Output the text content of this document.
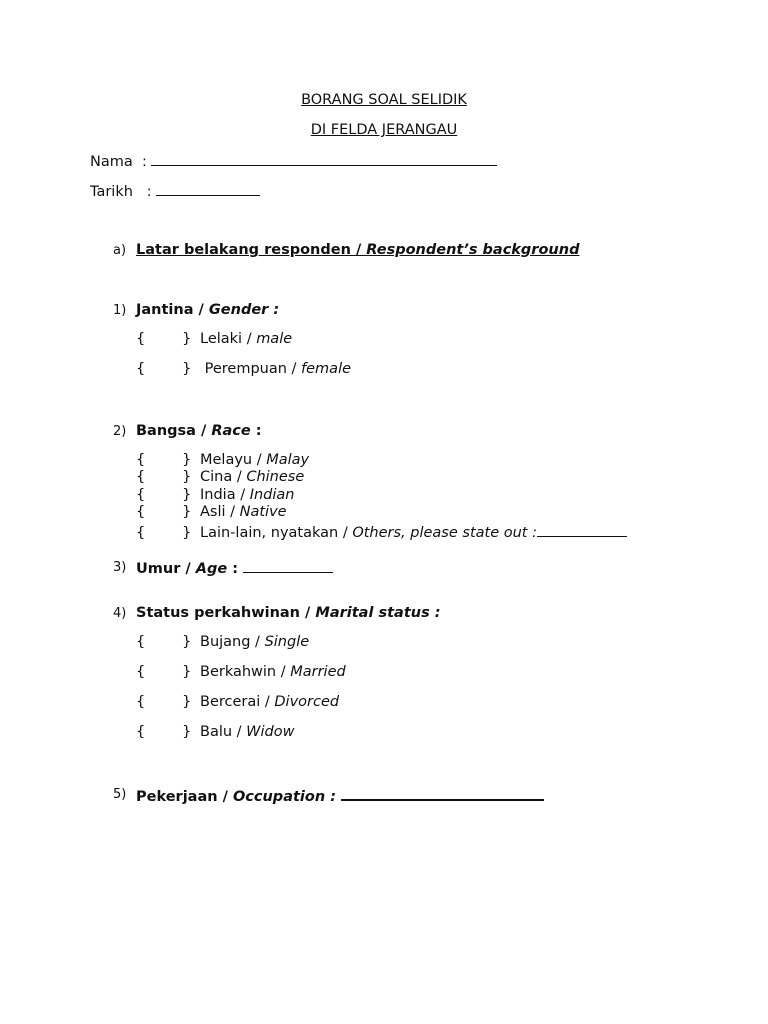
BORANG SOAL SELIDIK
DI FELDA JERANGAU
Nama :
Tarikh :
a) Latar belakang responden / Respondent’s background
1) Jantina / Gender :
{	} Lelaki / male
{	} Perempuan / female
2) Bangsa / Race :
{	} Melayu / Malay
{	} Cina / Chinese
{	} India / Indian
{	} Asli / Native
{	} Lain-lain, nyatakan / Others, please state out :
3) Umur / Age :
4) Status perkahwinan / Marital status :
{	} Bujang / Single
{	} Berkahwin / Married
{	} Bercerai / Divorced
{	} Balu / Widow
5) Pekerjaan / Occupation :
